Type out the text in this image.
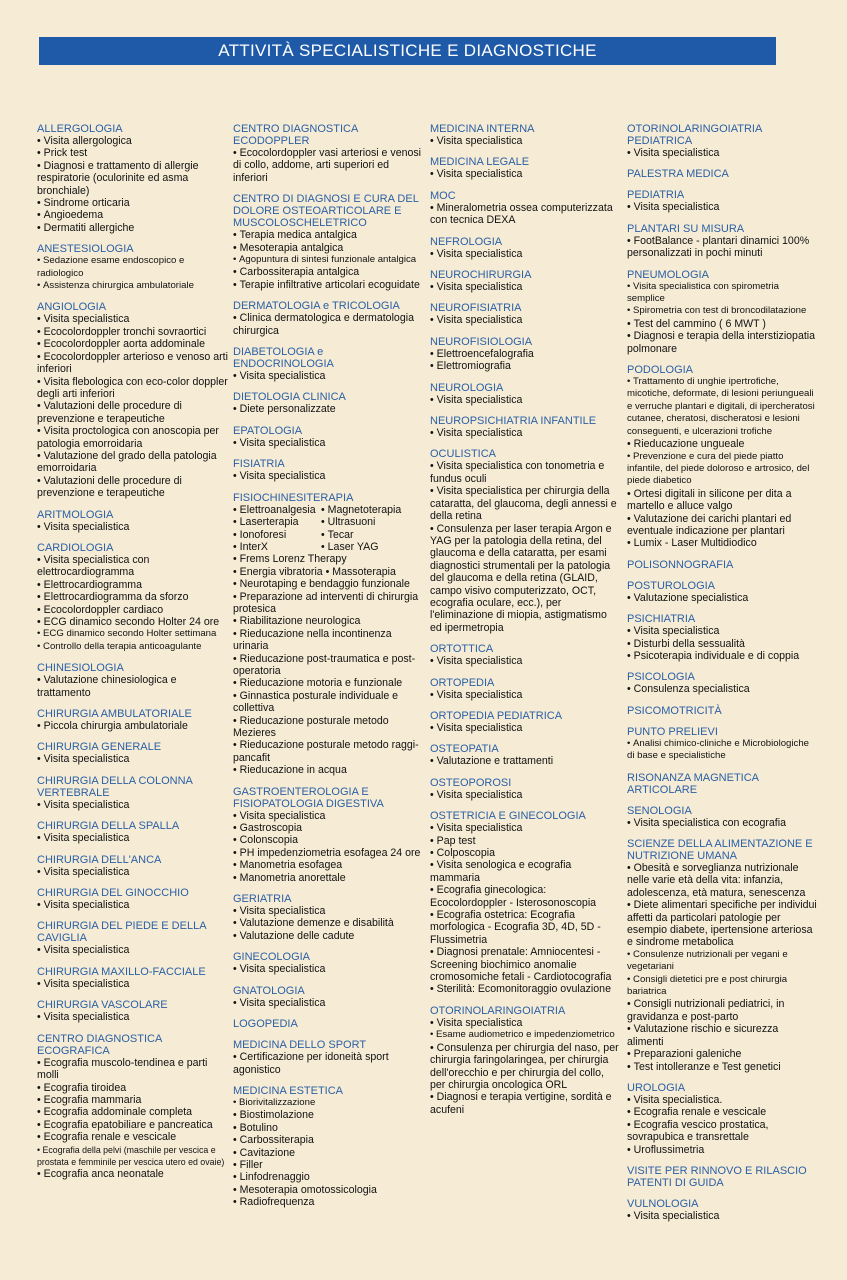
ATTIVITÀ SPECIALISTICHE E DIAGNOSTICHE
ALLERGOLOGIA
• Visita allergologica
• Prick test
• Diagnosi e trattamento di allergie respiratorie (oculorinite ed asma bronchiale)
• Sindrome orticaria
• Angioedema
• Dermatiti allergiche
ANESTESIOLOGIA
• Sedazione esame endoscopico e radiologico
• Assistenza chirurgica ambulatoriale
ANGIOLOGIA
• Visita specialistica
• Ecocolordoppler tronchi sovraortici
• Ecocolordoppler aorta addominale
• Ecocolordoppler arterioso e venoso arti inferiori
• Visita flebologica con eco-color doppler degli arti inferiori
• Valutazioni delle procedure di prevenzione e terapeutiche
• Visita proctologica con anoscopia per patologia emorroidaria
• Valutazione del grado della patologia emorroidaria
• Valutazioni delle procedure di prevenzione e terapeutiche
ARITMOLOGIA
• Visita specialistica
CARDIOLOGIA
• Visita specialistica con elettrocardiogramma
• Elettrocardiogramma
• Elettrocardiogramma da sforzo
• Ecocolordoppler cardiaco
• ECG dinamico secondo Holter 24 ore
• ECG dinamico secondo Holter settimana
• Controllo della terapia anticoagulante
CHINESIOLOGIA
• Valutazione chinesiologica e trattamento
CHIRURGIA AMBULATORIALE
• Piccola chirurgia ambulatoriale
CHIRURGIA GENERALE
• Visita specialistica
CHIRURGIA DELLA COLONNA VERTEBRALE
• Visita specialistica
CHIRURGIA DELLA SPALLA
• Visita specialistica
CHIRURGIA DELL'ANCA
• Visita specialistica
CHIRURGIA DEL GINOCCHIO
• Visita specialistica
CHIRURGIA DEL PIEDE E DELLA CAVIGLIA
• Visita specialistica
CHIRURGIA MAXILLO-FACCIALE
• Visita specialistica
CHIRURGIA VASCOLARE
• Visita specialistica
CENTRO DIAGNOSTICA ECOGRAFICA
• Ecografia muscolo-tendinea e parti molli
• Ecografia tiroidea
• Ecografia mammaria
• Ecografia addominale completa
• Ecografia epatobiliare e pancreatica
• Ecografia renale e vescicale
• Ecografia della pelvi (maschile per vescica e prostata e femminile per vescica utero ed ovaie)
• Ecografia anca neonatale
CENTRO DIAGNOSTICA ECODOPPLER
• Ecocolordoppler vasi arteriosi e venosi di collo, addome, arti superiori ed inferiori
CENTRO DI DIAGNOSI E CURA DEL DOLORE OSTEOARTICOLARE E MUSCOLOSCHELETRICO
• Terapia medica antalgica
• Mesoterapia antalgica
• Agopuntura di sintesi funzionale antalgica
• Carbossiterapia antalgica
• Terapie infiltrative articolari ecoguidate
DERMATOLOGIA e TRICOLOGIA
• Clinica dermatologica e dermatologia chirurgica
DIABETOLOGIA e ENDOCRINOLOGIA
• Visita specialistica
DIETOLOGIA CLINICA
• Diete personalizzate
EPATOLOGIA
• Visita specialistica
FISIATRIA
• Visita specialistica
FISIOCHINESITERAPIA
• Elettroanalgesia	• Magnetoterapia
• Laserterapia	• Ultrasuoni
• Ionoforesi	• Tecar
• InterX	• Laser YAG
• Frems Lorenz Therapy
• Energia vibratoria • Massoterapia
• Neurotaping e bendaggio funzionale
• Preparazione ad interventi di chirurgia protesica
• Riabilitazione neurologica
• Rieducazione nella incontinenza urinaria
• Rieducazione post-traumatica e post-operatoria
• Rieducazione motoria e funzionale
• Ginnastica posturale individuale e collettiva
• Rieducazione posturale metodo Mezieres
• Rieducazione posturale metodo raggi-pancafit
• Rieducazione in acqua
GASTROENTEROLOGIA E FISIOPATOLOGIA DIGESTIVA
• Visita specialistica
• Gastroscopia
• Colonscopia
• PH impedenziometria esofagea 24 ore
• Manometria esofagea
• Manometria anorettale
GERIATRIA
• Visita specialistica
• Valutazione demenze e disabilità
• Valutazione delle cadute
GINECOLOGIA
• Visita specialistica
GNATOLOGIA
• Visita specialistica
LOGOPEDIA
MEDICINA DELLO SPORT
• Certificazione per idoneità sport agonistico
MEDICINA ESTETICA
• Biorivitalizzazione
• Biostimolazione
• Botulino
• Carbossiterapia
• Cavitazione
• Filler
• Linfodrenaggio
• Mesoterapia omotossicologia
• Radiofrequenza
MEDICINA INTERNA
• Visita specialistica
MEDICINA LEGALE
• Visita specialistica
MOC
• Mineralometria ossea computerizzata con tecnica DEXA
NEFROLOGIA
• Visita specialistica
NEUROCHIRURGIA
• Visita specialistica
NEUROFISIATRIA
• Visita specialistica
NEUROFISIOLOGIA
• Elettroencefalografia
• Elettromiografia
NEUROLOGIA
• Visita specialistica
NEUROPSICHIATRIA INFANTILE
• Visita specialistica
OCULISTICA
• Visita specialistica con tonometria e fundus oculi
• Visita specialistica per chirurgia della cataratta, del glaucoma, degli annessi e della retina
• Consulenza per laser terapia Argon e YAG per la patologia della retina, del glaucoma e della cataratta, per esami diagnostici strumentali per la patologia del glaucoma e della retina (GLAID, campo visivo computerizzato, OCT, ecografia oculare, ecc.), per l'eliminazione di miopia, astigmatismo ed ipermetropia
ORTOTTICA
• Visita specialistica
ORTOPEDIA
• Visita specialistica
ORTOPEDIA PEDIATRICA
• Visita specialistica
OSTEOPATIA
• Valutazione e trattamenti
OSTEOPOROSI
• Visita specialistica
OSTETRICIA E GINECOLOGIA
• Visita specialistica
• Pap test
• Colposcopia
• Visita senologica e ecografia mammaria
• Ecografia ginecologica: Ecocolordoppler - Isterosonoscopia
• Ecografia ostetrica: Ecografia morfologica - Ecografia 3D, 4D, 5D - Flussimetria
• Diagnosi prenatale: Amniocentesi - Screening biochimico anomalie cromosomiche fetali - Cardiotocografia
• Sterilità: Ecomonitoraggio ovulazione
OTORINOLARINGOIATRIA
• Visita specialistica
• Esame audiometrico e impedenziometrico
• Consulenza per chirurgia del naso, per chirurgia faringolaringea, per chirurgia dell'orecchio e per chirurgia del collo, per chirurgia oncologica ORL
• Diagnosi e terapia vertigine, sordità e acufeni
OTORINOLARINGOIATRIA PEDIATRICA
• Visita specialistica
PALESTRA MEDICA
PEDIATRIA
• Visita specialistica
PLANTARI SU MISURA
• FootBalance - plantari dinamici 100% personalizzati in pochi minuti
PNEUMOLOGIA
• Visita specialistica con spirometria semplice
• Spirometria con test di broncodilatazione
• Test del cammino ( 6 MWT )
• Diagnosi e terapia della interstiziopatia polmonare
PODOLOGIA
• Trattamento di unghie ipertrofiche, micotiche, deformate, di lesioni periungueali e verruche plantari e digitali, di ipercheratosi cutanee, cheratosi, discheratosi e lesioni conseguenti, e ulcerazioni trofiche
• Rieducazione ungueale
• Prevenzione e cura del piede piatto infantile, del piede doloroso e artrosico, del piede diabetico
• Ortesi digitali in silicone per dita a martello e alluce valgo
• Valutazione dei carichi plantari ed eventuale indicazione per plantari
• Lumix - Laser Multidiodico
POLISONNOGRAFIA
POSTUROLOGIA
• Valutazione specialistica
PSICHIATRIA
• Visita specialistica
• Disturbi della sessualità
• Psicoterapia individuale e di coppia
PSICOLOGIA
• Consulenza specialistica
PSICOMOTRICITÀ
PUNTO PRELIEVI
• Analisi chimico-cliniche e Microbiologiche di base e specialistiche
RISONANZA MAGNETICA ARTICOLARE
SENOLOGIA
• Visita specialistica con ecografia
SCIENZE DELLA ALIMENTAZIONE E NUTRIZIONE UMANA
• Obesità e sorveglianza nutrizionale nelle varie età della vita: infanzia, adolescenza, età matura, senescenza
• Diete alimentari specifiche per individui affetti da particolari patologie per esempio diabete, ipertensione arteriosa e sindrome metabolica
• Consulenze nutrizionali per vegani e vegetariani
• Consigli dietetici pre e post chirurgia bariatrica
• Consigli nutrizionali pediatrici, in gravidanza e post-parto
• Valutazione rischio e sicurezza alimenti
• Preparazioni galeniche
• Test intolleranze e Test genetici
UROLOGIA
• Visita specialistica.
• Ecografia renale e vescicale
• Ecografia vescico prostatica, sovrapubica e transrettale
• Uroflussimetria
VISITE PER RINNOVO E RILASCIO PATENTI DI GUIDA
VULNOLOGIA
• Visita specialistica
